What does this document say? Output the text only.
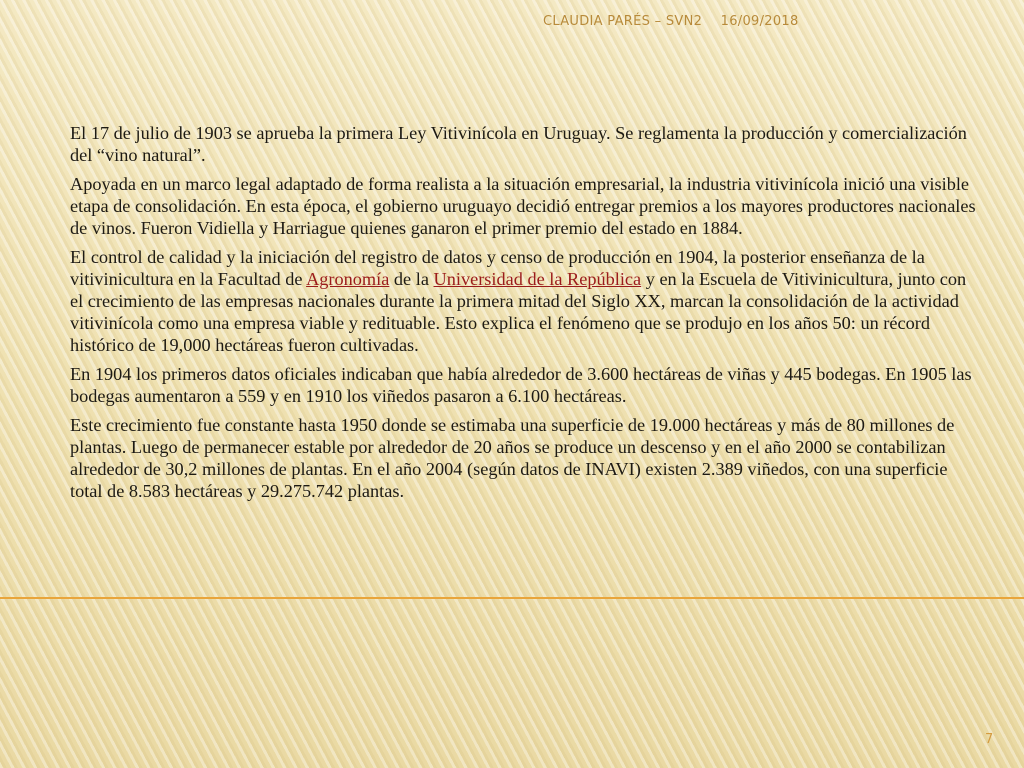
CLAUDIA PARÉS – SVN2 16/09/2018

El 17 de julio de 1903 se aprueba la primera Ley Vitivinícola en Uruguay. Se reglamenta la producción y comercialización del “vino natural”.

Apoyada en un marco legal adaptado de forma realista a la situación empresarial, la industria vitivinícola inició una visible etapa de consolidación. En esta época, el gobierno uruguayo decidió entregar premios a los mayores productores nacionales de vinos. Fueron Vidiella y Harriague quienes ganaron el primer premio del estado en 1884.

El control de calidad y la iniciación del registro de datos y censo de producción en 1904, la posterior enseñanza de la vitivinicultura en la Facultad de Agronomía de la Universidad de la República y en la Escuela de Vitivinicultura, junto con el crecimiento de las empresas nacionales durante la primera mitad del Siglo XX, marcan la consolidación de la actividad vitivinícola como una empresa viable y redituable. Esto explica el fenómeno que se produjo en los años 50: un récord histórico de 19,000 hectáreas fueron cultivadas.

En 1904 los primeros datos oficiales indicaban que había alrededor de 3.600 hectáreas de viñas y 445 bodegas. En 1905 las bodegas aumentaron a 559 y en 1910 los viñedos pasaron a 6.100 hectáreas.

Este crecimiento fue constante hasta 1950 donde se estimaba una superficie de 19.000 hectáreas y más de 80 millones de plantas. Luego de permanecer estable por alrededor de 20 años se produce un descenso y en el año 2000 se contabilizan alrededor de 30,2 millones de plantas. En el año 2004 (según datos de INAVI) existen 2.389 viñedos, con una superficie total de 8.583 hectáreas y 29.275.742 plantas.

7
